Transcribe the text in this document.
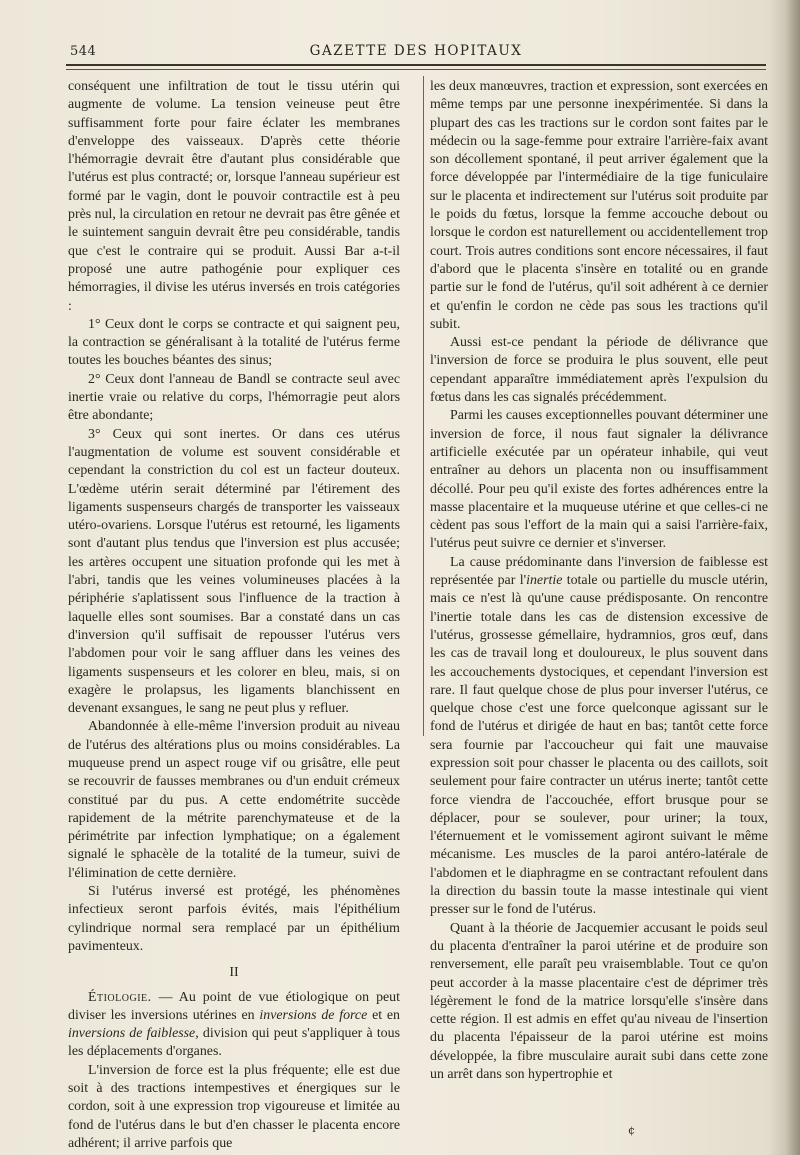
544	GAZETTE DES HOPITAUX

conséquent une infiltration de tout le tissu utérin qui augmente de volume. La tension veineuse peut être suffisamment forte pour faire éclater les membranes d'enveloppe des vaisseaux. D'après cette théorie l'hémorragie devrait être d'autant plus considérable que l'utérus est plus contracté; or, lorsque l'anneau supérieur est formé par le vagin, dont le pouvoir contractile est à peu près nul, la circulation en retour ne devrait pas être gênée et le suintement sanguin devrait être peu considérable, tandis que c'est le contraire qui se produit. Aussi Bar a-t-il proposé une autre pathogénie pour expliquer ces hémorragies, il divise les utérus inversés en trois catégories :

1° Ceux dont le corps se contracte et qui saignent peu, la contraction se généralisant à la totalité de l'utérus ferme toutes les bouches béantes des sinus;

2° Ceux dont l'anneau de Bandl se contracte seul avec inertie vraie ou relative du corps, l'hémorragie peut alors être abondante;

3° Ceux qui sont inertes. Or dans ces utérus l'augmentation de volume est souvent considérable et cependant la constriction du col est un facteur douteux. L'œdème utérin serait déterminé par l'étirement des ligaments suspenseurs chargés de transporter les vaisseaux utéro-ovariens. Lorsque l'utérus est retourné, les ligaments sont d'autant plus tendus que l'inversion est plus accusée; les artères occupent une situation profonde qui les met à l'abri, tandis que les veines volumineuses placées à la périphérie s'aplatissent sous l'influence de la traction à laquelle elles sont soumises. Bar a constaté dans un cas d'inversion qu'il suffisait de repousser l'utérus vers l'abdomen pour voir le sang affluer dans les veines des ligaments suspenseurs et les colorer en bleu, mais, si on exagère le prolapsus, les ligaments blanchissent en devenant exsangues, le sang ne peut plus y refluer.

Abandonnée à elle-même l'inversion produit au niveau de l'utérus des altérations plus ou moins considérables. La muqueuse prend un aspect rouge vif ou grisâtre, elle peut se recouvrir de fausses membranes ou d'un enduit crémeux constitué par du pus. A cette endométrite succède rapidement de la métrite parenchymateuse et de la périmétrite par infection lymphatique; on a également signalé le sphacèle de la totalité de la tumeur, suivi de l'élimination de cette dernière.

Si l'utérus inversé est protégé, les phénomènes infectieux seront parfois évités, mais l'épithélium cylindrique normal sera remplacé par un épithélium pavimenteux.

II

Étiologie. — Au point de vue étiologique on peut diviser les inversions utérines en inversions de force et en inversions de faiblesse, division qui peut s'appliquer à tous les déplacements d'organes.

L'inversion de force est la plus fréquente; elle est due soit à des tractions intempestives et énergiques sur le cordon, soit à une expression trop vigoureuse et limitée au fond de l'utérus dans le but d'en chasser le placenta encore adhérent; il arrive parfois que

les deux manœuvres, traction et expression, sont exercées en même temps par une personne inexpérimentée. Si dans la plupart des cas les tractions sur le cordon sont faites par le médecin ou la sage-femme pour extraire l'arrière-faix avant son décollement spontané, il peut arriver également que la force développée par l'intermédiaire de la tige funiculaire sur le placenta et indirectement sur l'utérus soit produite par le poids du fœtus, lorsque la femme accouche debout ou lorsque le cordon est naturellement ou accidentellement trop court. Trois autres conditions sont encore nécessaires, il faut d'abord que le placenta s'insère en totalité ou en grande partie sur le fond de l'utérus, qu'il soit adhérent à ce dernier et qu'enfin le cordon ne cède pas sous les tractions qu'il subit.

Aussi est-ce pendant la période de délivrance que l'inversion de force se produira le plus souvent, elle peut cependant apparaître immédiatement après l'expulsion du fœtus dans les cas signalés précédemment.

Parmi les causes exceptionnelles pouvant déterminer une inversion de force, il nous faut signaler la délivrance artificielle exécutée par un opérateur inhabile, qui veut entraîner au dehors un placenta non ou insuffisamment décollé. Pour peu qu'il existe des fortes adhérences entre la masse placentaire et la muqueuse utérine et que celles-ci ne cèdent pas sous l'effort de la main qui a saisi l'arrière-faix, l'utérus peut suivre ce dernier et s'inverser.

La cause prédominante dans l'inversion de faiblesse est représentée par l'inertie totale ou partielle du muscle utérin, mais ce n'est là qu'une cause prédisposante. On rencontre l'inertie totale dans les cas de distension excessive de l'utérus, grossesse gémellaire, hydramnios, gros œuf, dans les cas de travail long et douloureux, le plus souvent dans les accouchements dystociques, et cependant l'inversion est rare. Il faut quelque chose de plus pour inverser l'utérus, ce quelque chose c'est une force quelconque agissant sur le fond de l'utérus et dirigée de haut en bas; tantôt cette force sera fournie par l'accoucheur qui fait une mauvaise expression soit pour chasser le placenta ou des caillots, soit seulement pour faire contracter un utérus inerte; tantôt cette force viendra de l'accouchée, effort brusque pour se déplacer, pour se soulever, pour uriner; la toux, l'éternuement et le vomissement agiront suivant le même mécanisme. Les muscles de la paroi antéro-latérale de l'abdomen et le diaphragme en se contractant refoulent dans la direction du bassin toute la masse intestinale qui vient presser sur le fond de l'utérus.

Quant à la théorie de Jacquemier accusant le poids seul du placenta d'entraîner la paroi utérine et de produire son renversement, elle paraît peu vraisemblable. Tout ce qu'on peut accorder à la masse placentaire c'est de déprimer très légèrement le fond de la matrice lorsqu'elle s'insère dans cette région. Il est admis en effet qu'au niveau de l'insertion du placenta l'épaisseur de la paroi utérine est moins développée, la fibre musculaire aurait subi dans cette zone un arrêt dans son hypertrophie et

¢
